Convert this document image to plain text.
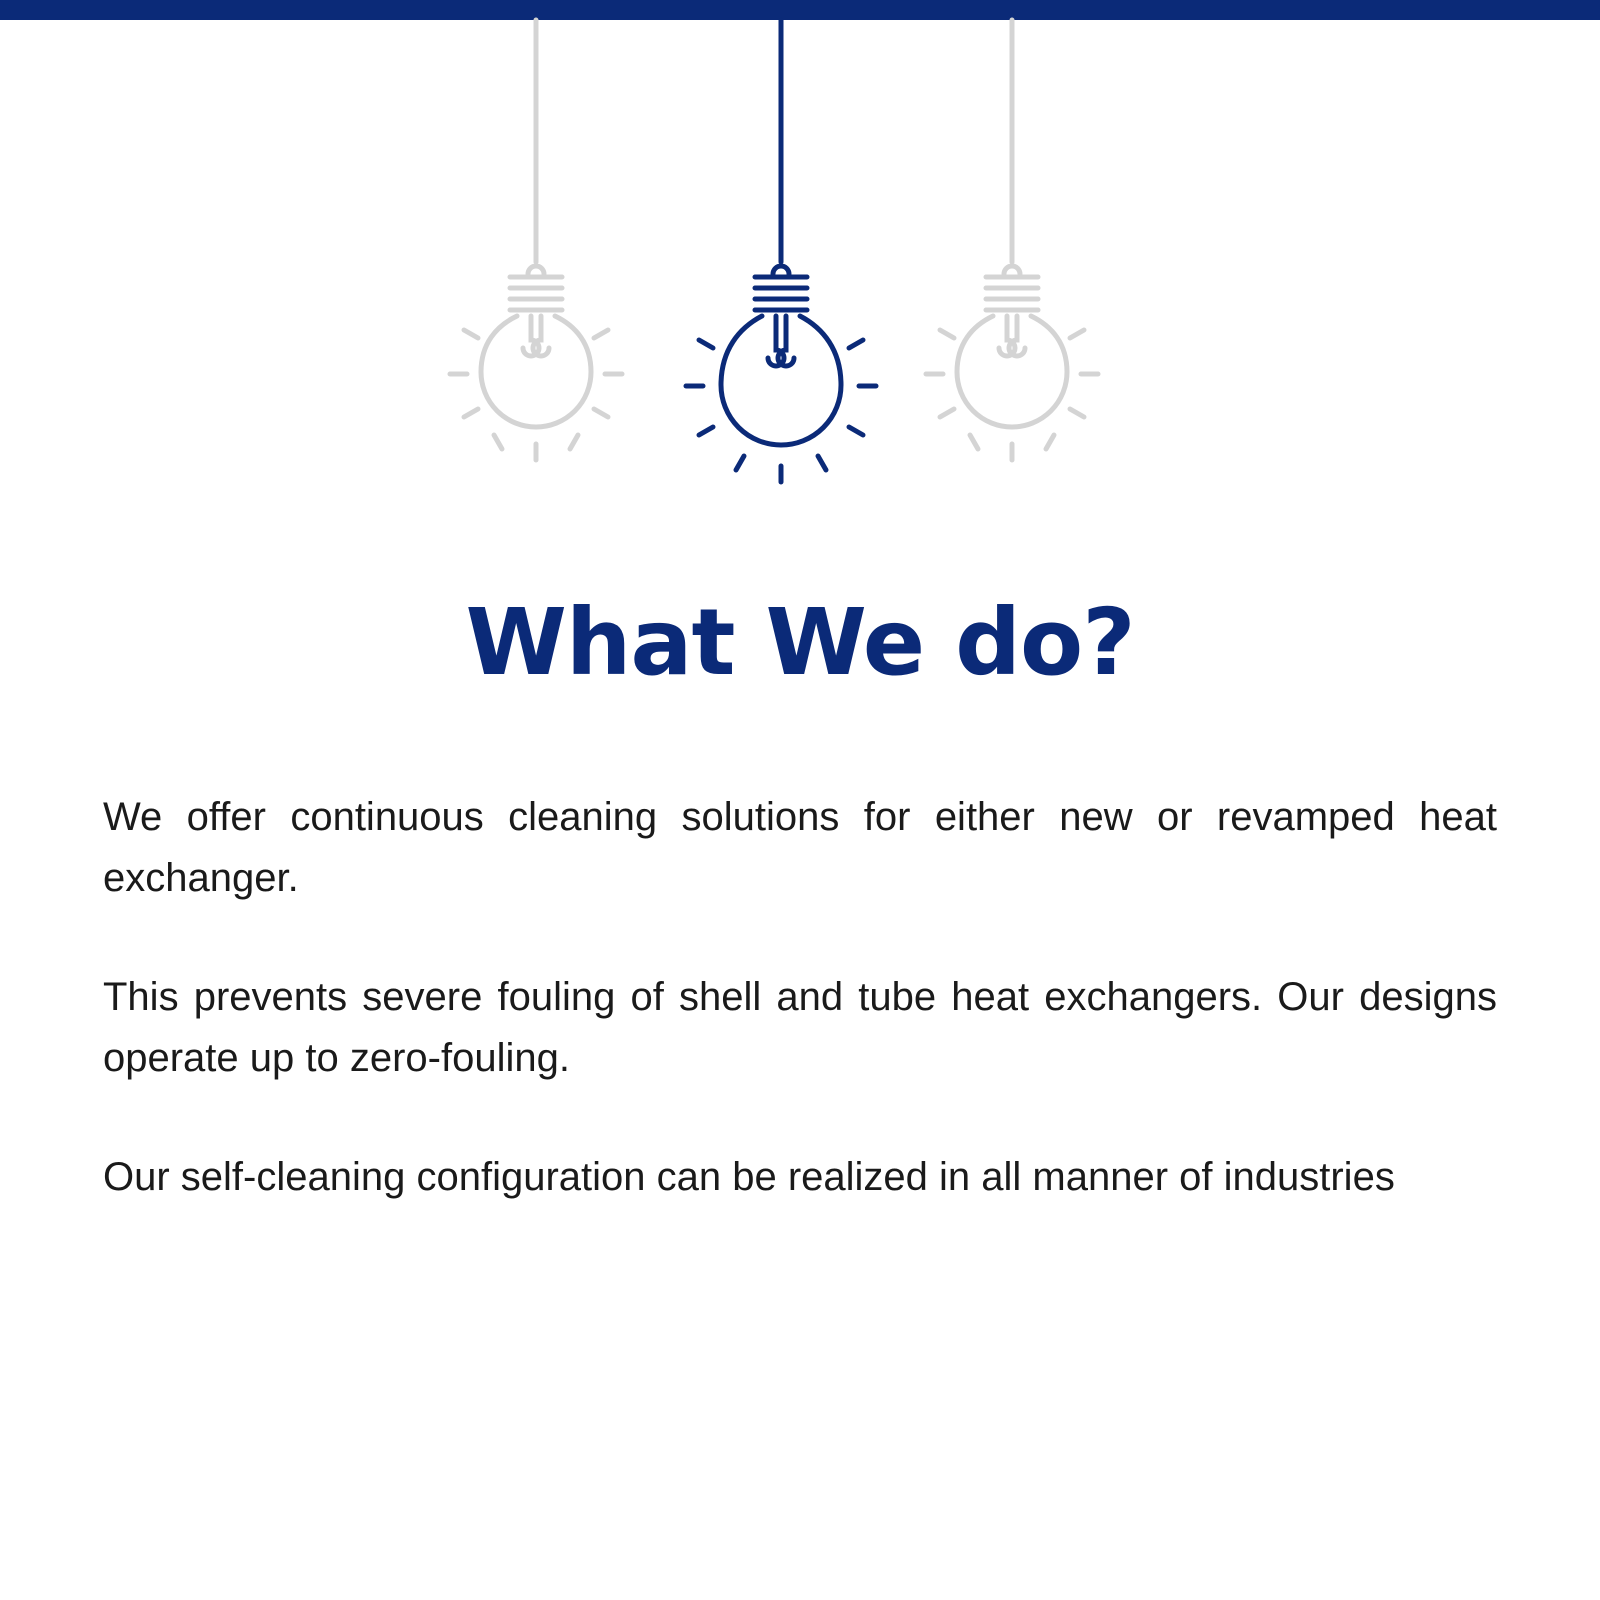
What We do?

We offer continuous cleaning solutions for either new or revamped heat exchanger.

This prevents severe fouling of shell and tube heat exchangers. Our designs operate up to zero-fouling.

Our self-cleaning configuration can be realized in all manner of industries
